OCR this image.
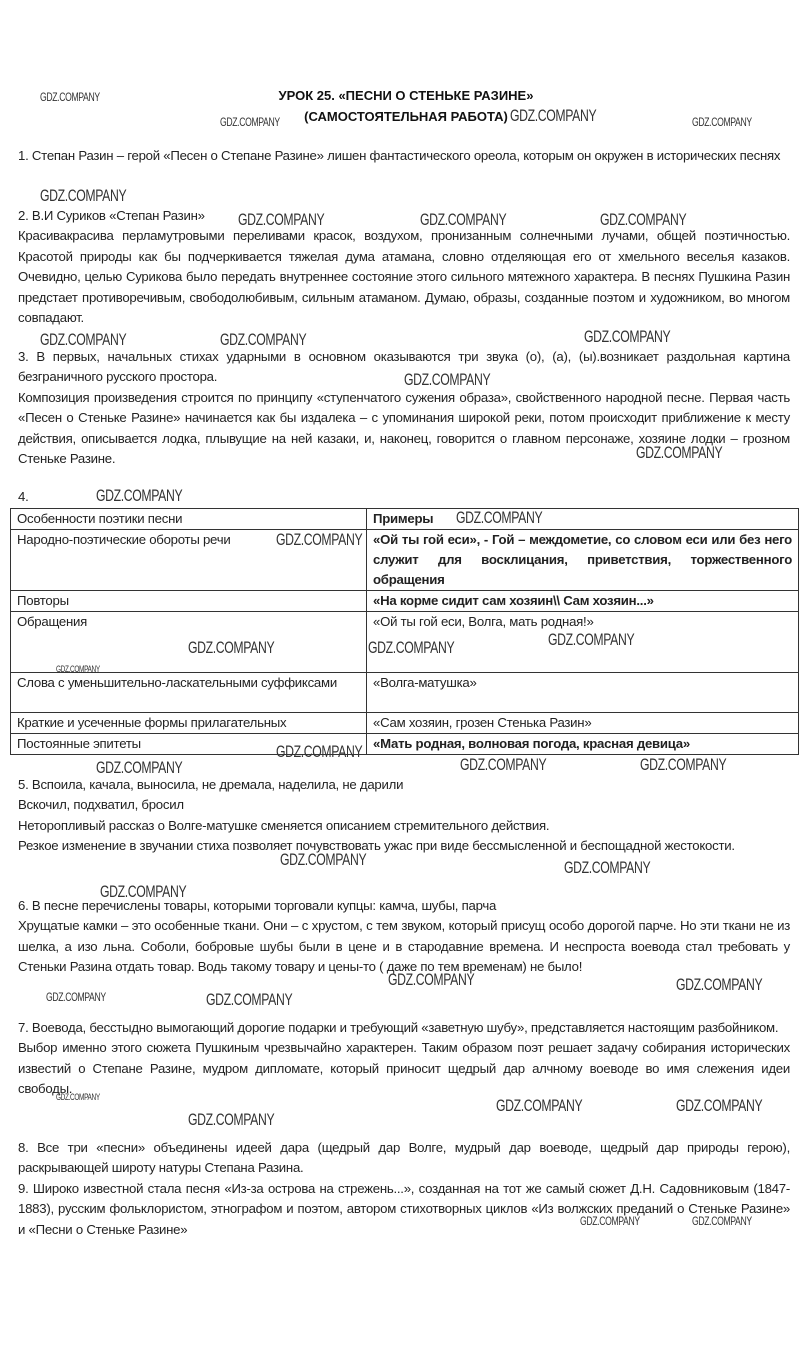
УРОК 25. «ПЕСНИ О СТЕНЬКЕ РАЗИНЕ»
(САМОСТОЯТЕЛЬНАЯ РАБОТА)

1. Степан Разин – герой «Песен о Степане Разине» лишен фантастического ореола, которым он окружен в исторических песнях

2. В.И Суриков «Степан Разин»

Красивакрасива перламутровыми переливами красок, воздухом, пронизанным солнечными лучами, общей поэтичностью. Красотой природы как бы подчеркивается тяжелая дума атамана, словно отделяющая его от хмельного веселья казаков. Очевидно, целью Сурикова было передать внутреннее состояние этого сильного мятежного характера. В песнях Пушкина Разин предстает противоречивым, свободолюбивым, сильным атаманом. Думаю, образы, созданные поэтом и художником, во многом совпадают.

3. В первых, начальных стихах ударными в основном оказываются три звука (о), (а), (ы).возникает раздольная картина безграничного русского простора.

Композиция произведения строится по принципу «ступенчатого сужения образа», свойственного народной песне. Первая часть «Песен о Стеньке Разине» начинается как бы издалека – с упоминания широкой реки, потом происходит приближение к месту действия, описывается лодка, плывущие на ней казаки, и, наконец, говорится о главном персонаже, хозяине лодки – грозном Стеньке Разине.

4.
Особенности поэтики песни	Примеры
Народно-поэтические обороты речи	«Ой ты гой еси», - Гой – междометие, со словом еси или без него служит для восклицания, приветствия, торжественного обращения
Повторы	«На корме сидит сам хозяин\\ Сам хозяин...»
Обращения	«Ой ты гой еси, Волга, мать родная!»
Слова с уменьшительно-ласкательными суффиксами	«Волга-матушка»
Краткие и усеченные формы прилагательных	«Сам хозяин, грозен Стенька Разин»
Постоянные эпитеты	«Мать родная, волновая погода, красная девица»

5. Вспоила, качала, выносила, не дремала, наделила, не дарили

Вскочил, подхватил, бросил

Неторопливый рассказ о Волге-матушке сменяется описанием стремительного действия.

Резкое изменение в звучании стиха позволяет почувствовать ужас при виде бессмысленной и беспощадной жестокости.

6. В песне перечислены товары, которыми торговали купцы: камча, шубы, парча

Хрущатые камки – это особенные ткани. Они – с хрустом, с тем звуком, который присущ особо дорогой парче. Но эти ткани не из шелка, а изо льна. Соболи, бобровые шубы были в цене и в стародавние времена. И неспроста воевода стал требовать у Стеньки Разина отдать товар. Водь такому товару и цены-то ( даже по тем временам) не было!

7. Воевода, бесстыдно вымогающий дорогие подарки и требующий «заветную шубу», представляется настоящим разбойником.

Выбор именно этого сюжета Пушкиным чрезвычайно характерен. Таким образом поэт решает задачу собирания исторических известий о Степане Разине, мудром дипломате, который приносит щедрый дар алчному воеводе во имя слежения идеи свободы.

8. Все три «песни» объединены идеей дара (щедрый дар Волге, мудрый дар воеводе, щедрый дар природы герою), раскрывающей широту натуры Степана Разина.

9. Широко известной стала песня «Из-за острова на стрежень...», созданная на тот же самый сюжет Д.Н. Садовниковым (1847-1883), русским фольклористом, этнографом и поэтом, автором стихотворных циклов «Из волжских преданий о Стеньке Разине» и «Песни о Стеньке Разине»

GDZ.COMPANY
GDZ.COMPANY	GDZ.COMPANY	GDZ.COMPANY
GDZ.COMPANY
GDZ.COMPANY	GDZ.COMPANY	GDZ.COMPANY
GDZ.COMPANY	GDZ.COMPANY	GDZ.COMPANY
GDZ.COMPANY
GDZ.COMPANY
GDZ.COMPANY
GDZ.COMPANY
GDZ.COMPANY
GDZ.COMPANY	GDZ.COMPANY	GDZ.COMPANY
GDZ.COMPANY
GDZ.COMPANY
GDZ.COMPANY	GDZ.COMPANY	GDZ.COMPANY
GDZ.COMPANY	GDZ.COMPANY
GDZ.COMPANY
GDZ.COMPANY	GDZ.COMPANY
GDZ.COMPANY	GDZ.COMPANY
GDZ.COMPANY	GDZ.COMPANY	GDZ.COMPANY
GDZ.COMPANY
GDZ.COMPANY	GDZ.COMPANY
